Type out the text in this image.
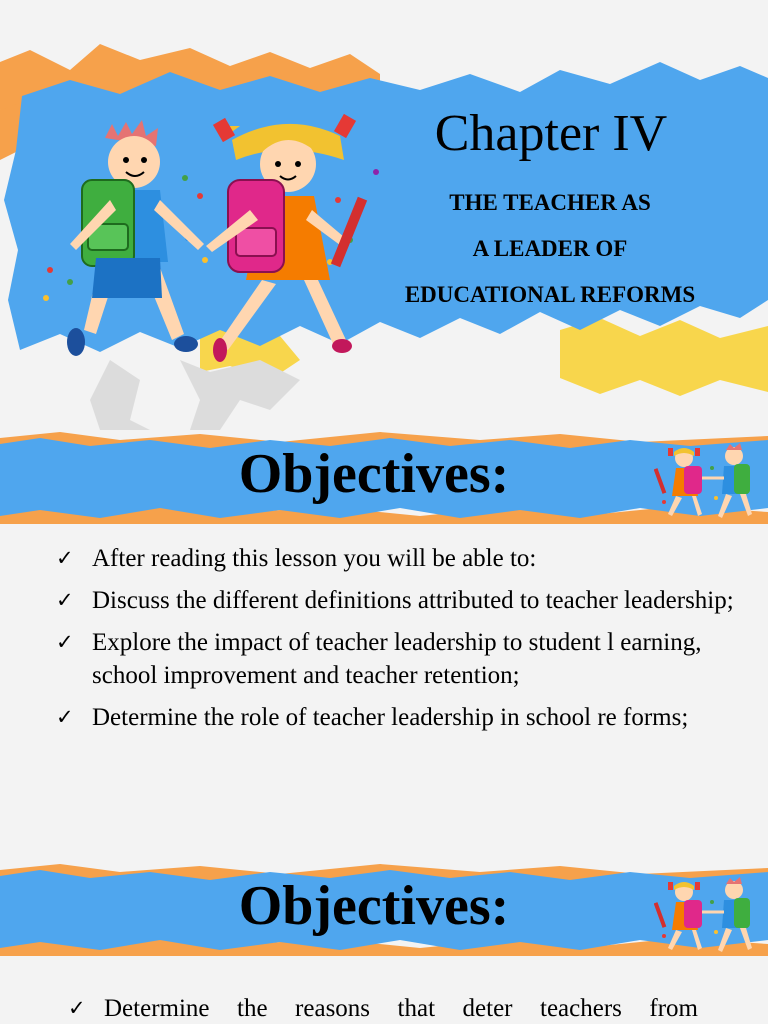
Chapter IV
THE TEACHER AS
A LEADER OF
EDUCATIONAL REFORMS
Objectives:
✓ After reading this lesson you will be able to:
✓ Discuss the different definitions attributed to teacher leadership;
✓ Explore the impact of teacher leadership to student l earning, school improvement and teacher retention;
✓ Determine the role of teacher leadership in school re forms;
Objectives:
✓ Determine the reasons that deter teachers from
